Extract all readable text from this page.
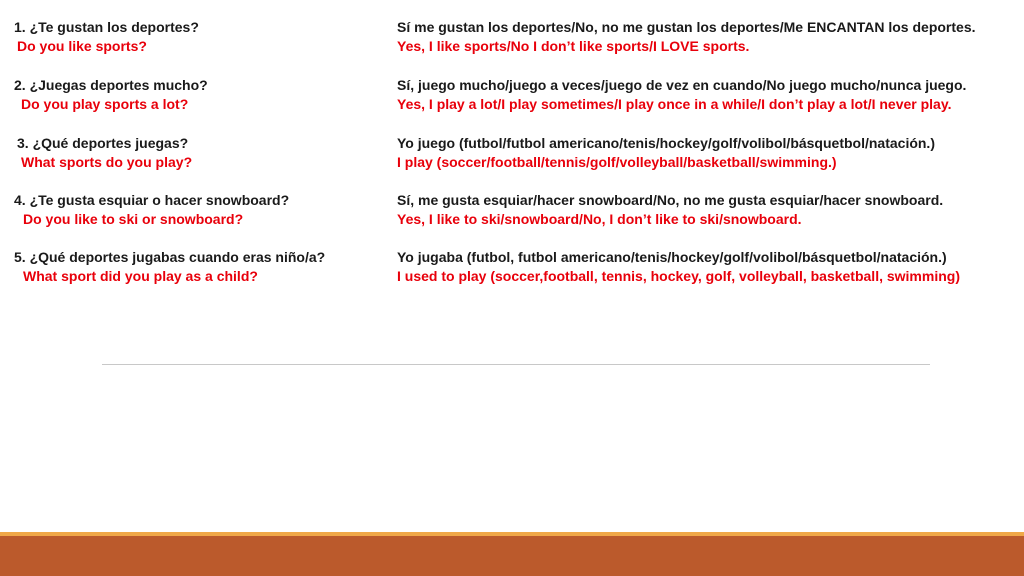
1. ¿Te gustan los deportes?
Do you like sports?
2. ¿Juegas deportes mucho?
Do you play sports a lot?
3. ¿Qué deportes juegas?
What sports do you play?
4. ¿Te gusta esquiar o hacer snowboard?
Do you like to ski or snowboard?
5. ¿Qué deportes jugabas cuando eras niño/a?
What sport did you play as a child?
Sí me gustan los deportes/No, no me gustan los deportes/Me ENCANTAN los deportes.
Yes, I like sports/No I don’t like sports/I LOVE sports.
Sí, juego mucho/juego a veces/juego de vez en cuando/No juego mucho/nunca juego.
Yes, I play a lot/I play sometimes/I play once in a while/I don’t play a lot/I never play.
Yo juego (futbol/futbol americano/tenis/hockey/golf/volibol/básquetbol/natación.)
I play (soccer/football/tennis/golf/volleyball/basketball/swimming.)
Sí, me gusta esquiar/hacer snowboard/No, no me gusta esquiar/hacer snowboard.
Yes, I like to ski/snowboard/No, I don’t like to ski/snowboard.
Yo jugaba (futbol, futbol americano/tenis/hockey/golf/volibol/básquetbol/natación.)
I used to play (soccer,football, tennis, hockey, golf, volleyball, basketball, swimming)
